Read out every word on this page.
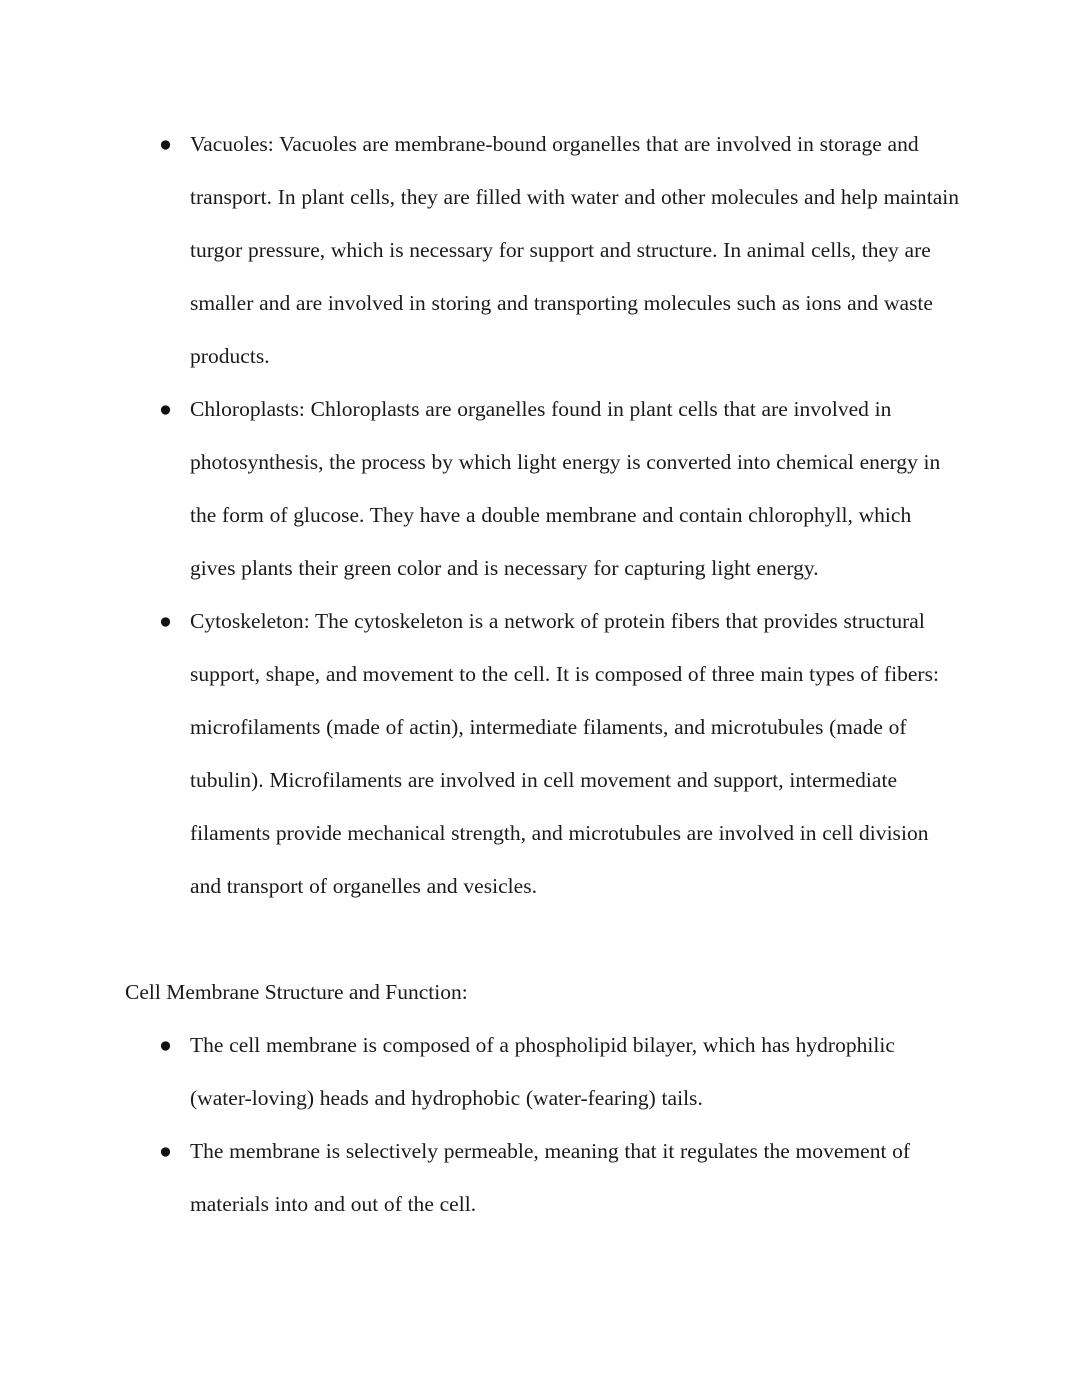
● Vacuoles: Vacuoles are membrane-bound organelles that are involved in storage and transport. In plant cells, they are filled with water and other molecules and help maintain turgor pressure, which is necessary for support and structure. In animal cells, they are smaller and are involved in storing and transporting molecules such as ions and waste products.
● Chloroplasts: Chloroplasts are organelles found in plant cells that are involved in photosynthesis, the process by which light energy is converted into chemical energy in the form of glucose. They have a double membrane and contain chlorophyll, which gives plants their green color and is necessary for capturing light energy.
● Cytoskeleton: The cytoskeleton is a network of protein fibers that provides structural support, shape, and movement to the cell. It is composed of three main types of fibers: microfilaments (made of actin), intermediate filaments, and microtubules (made of tubulin). Microfilaments are involved in cell movement and support, intermediate filaments provide mechanical strength, and microtubules are involved in cell division and transport of organelles and vesicles.

Cell Membrane Structure and Function:

● The cell membrane is composed of a phospholipid bilayer, which has hydrophilic (water-loving) heads and hydrophobic (water-fearing) tails.
● The membrane is selectively permeable, meaning that it regulates the movement of materials into and out of the cell.
